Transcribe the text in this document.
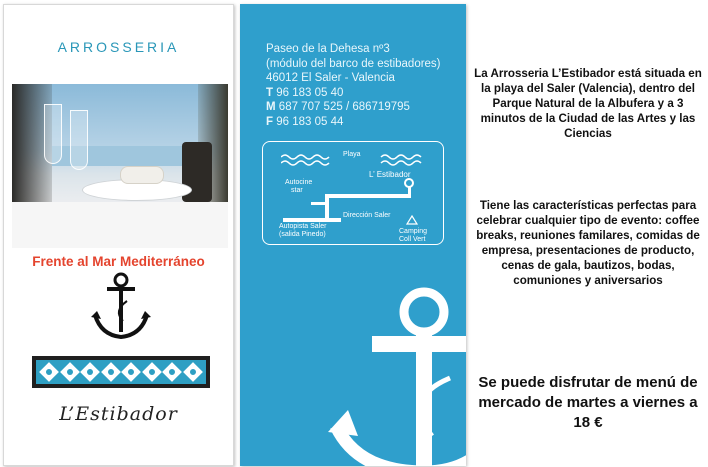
ARROSSERIA
Frente al Mar Mediterráneo
L’Estibador
Paseo de la Dehesa nº3
(módulo del barco de estibadores)
46012 El Saler - Valencia
T 96 183 05 40
M 687 707 525 / 686719795
F 96 183 05 44
Playa
L’ Estibador
Autocine
star
Dirección Saler
Autopista Saler
(salida Pinedo)	Camping
Coll Vert
La Arrosseria L’Estibador está situada en la playa del Saler (Valencia), dentro del Parque Natural de la Albufera y a 3 minutos de la Ciudad de las Artes y las Ciencias
Tiene las características perfectas para celebrar cualquier tipo de evento: coffee breaks, reuniones familares, comidas de empresa, presentaciones de producto, cenas de gala, bautizos, bodas, comuniones y aniversarios
Se puede disfrutar de menú de mercado de martes a viernes a 18 €
